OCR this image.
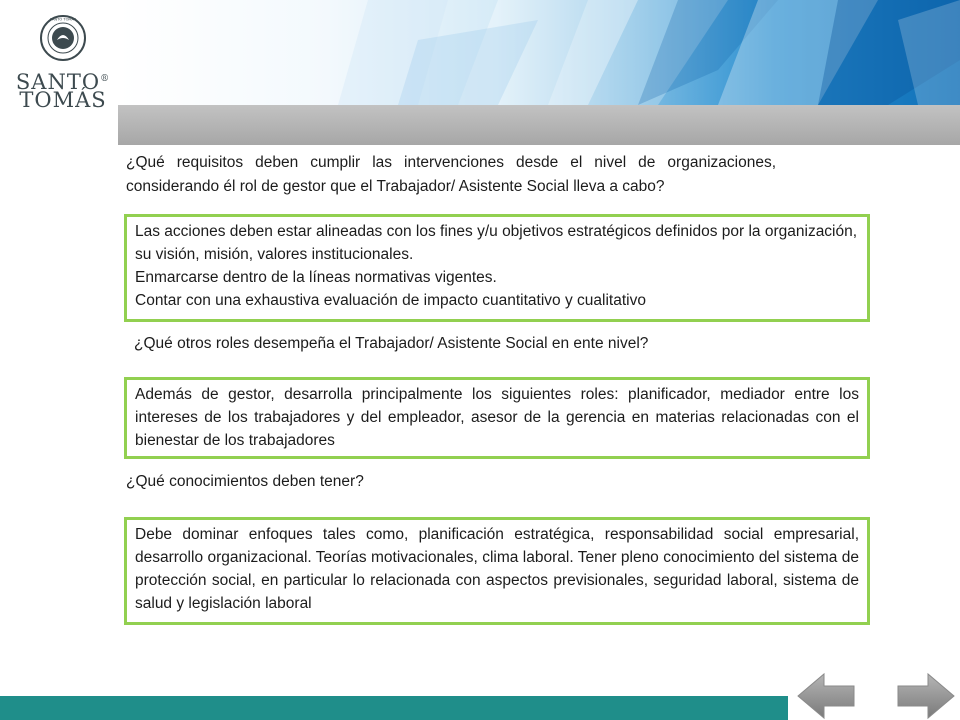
SANTO TOMÁS
SANTO®
TOMÁS
¿Qué requisitos deben cumplir las intervenciones desde el nivel de organizaciones, considerando él rol de gestor que el Trabajador/ Asistente Social lleva a cabo?

Las acciones deben estar alineadas con los fines y/u objetivos estratégicos definidos por la organización, su visión, misión, valores institucionales.

Enmarcarse dentro de la líneas normativas vigentes.

Contar con una exhaustiva evaluación de impacto cuantitativo y cualitativo

¿Qué otros roles desempeña el Trabajador/ Asistente Social en ente nivel?
Además de gestor, desarrolla principalmente los siguientes roles: planificador, mediador entre los intereses de los trabajadores y del empleador, asesor de la gerencia en materias relacionadas con el bienestar de los trabajadores
¿Qué conocimientos deben tener?
Debe dominar enfoques tales como, planificación estratégica, responsabilidad social empresarial, desarrollo organizacional. Teorías motivacionales, clima laboral. Tener pleno conocimiento del sistema de protección social, en particular lo relacionada con aspectos previsionales, seguridad laboral, sistema de salud y legislación laboral
